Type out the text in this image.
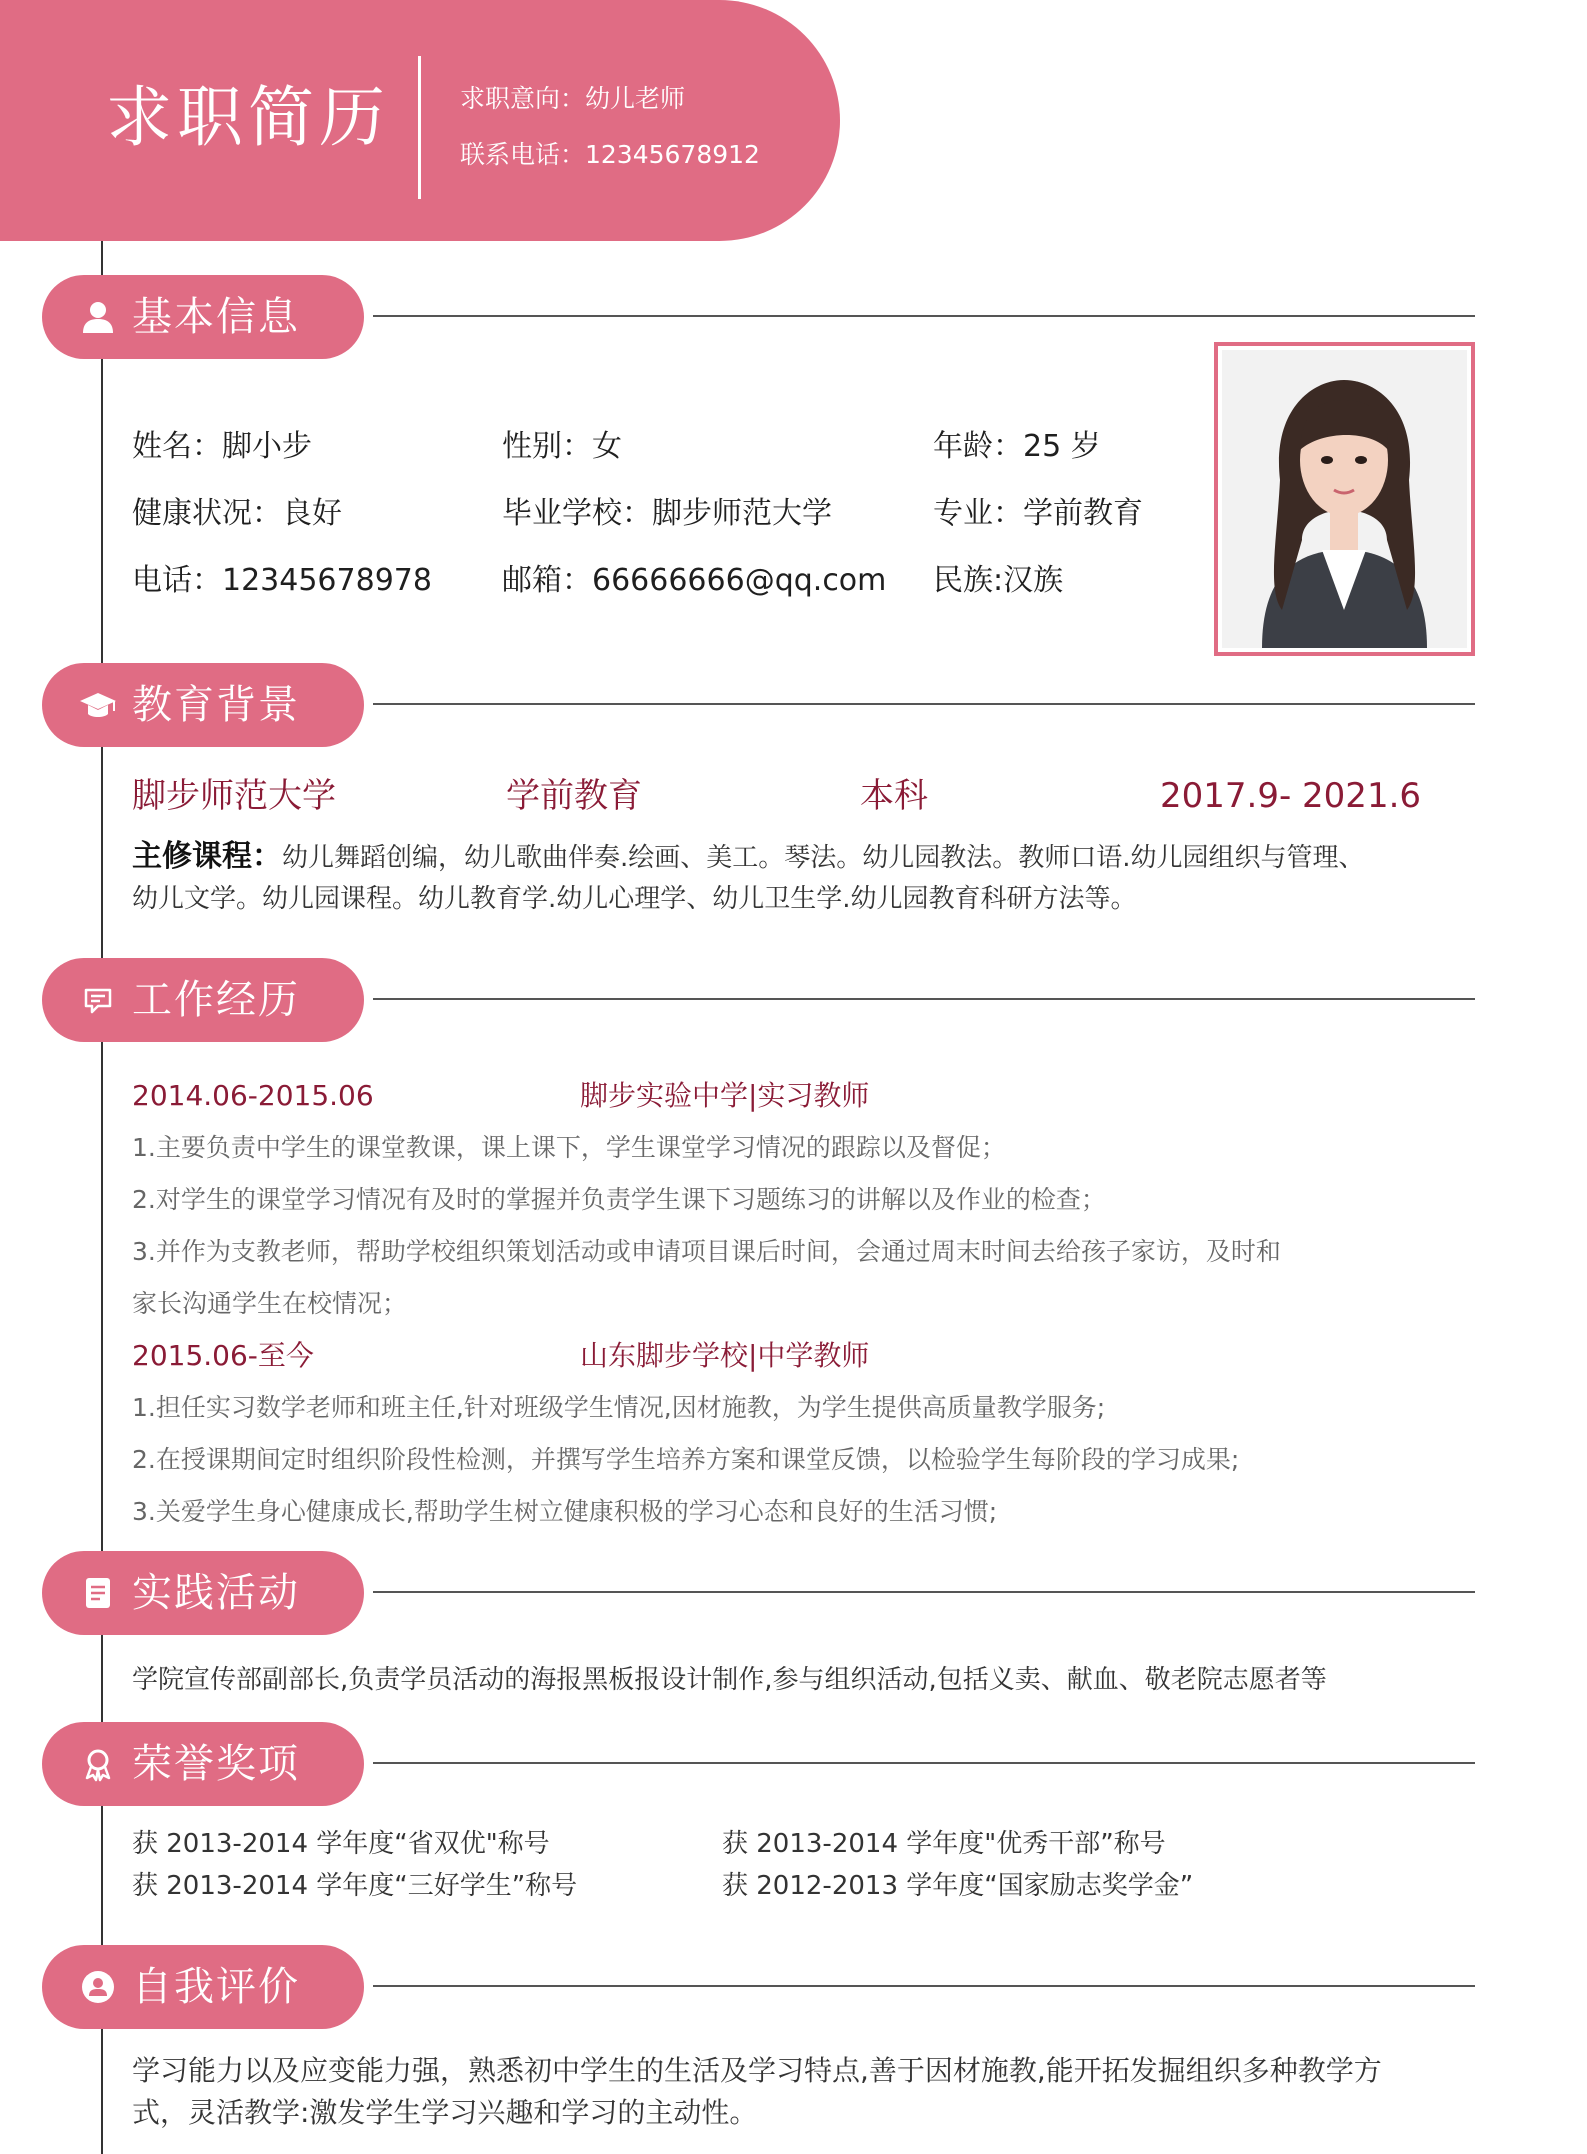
求职简历	求职意向：幼儿老师
联系电话：12345678912
基本信息
姓名：脚小步	性别：女	年龄：25 岁
健康状况：良好	毕业学校：脚步师范大学	专业：学前教育
电话：12345678978 邮箱：66666666@qq.com 民族:汉族
教育背景
脚步师范大学	学前教育	本科	2017.9- 2021.6
主修课程：幼儿舞蹈创编，幼儿歌曲伴奏.绘画、美工。琴法。幼儿园教法。教师口语.幼儿园组织与管理、
幼儿文学。幼儿园课程。幼儿教育学.幼儿心理学、幼儿卫生学.幼儿园教育科研方法等。
工作经历
2014.06-2015.06	脚步实验中学|实习教师
1.主要负责中学生的课堂教课，课上课下，学生课堂学习情况的跟踪以及督促；
2.对学生的课堂学习情况有及时的掌握并负责学生课下习题练习的讲解以及作业的检查；
3.并作为支教老师，帮助学校组织策划活动或申请项目课后时间，会通过周末时间去给孩子家访，及时和
家长沟通学生在校情况；
2015.06-至今	山东脚步学校|中学教师
1.担任实习数学老师和班主任,针对班级学生情况,因材施教，为学生提供高质量教学服务;
2.在授课期间定时组织阶段性检测，并撰写学生培养方案和课堂反馈，以检验学生每阶段的学习成果;
3.关爱学生身心健康成长,帮助学生树立健康积极的学习心态和良好的生活习惯;
实践活动
学院宣传部副部长,负责学员活动的海报黑板报设计制作,参与组织活动,包括义卖、献血、敬老院志愿者等
荣誉奖项
获 2013-2014 学年度“省双优"称号	获 2013-2014 学年度"优秀干部”称号
获 2013-2014 学年度“三好学生”称号	获 2012-2013 学年度“国家励志奖学金”
自我评价
学习能力以及应变能力强，熟悉初中学生的生活及学习特点,善于因材施教,能开拓发掘组织多种教学方
式，灵活教学:激发学生学习兴趣和学习的主动性。
